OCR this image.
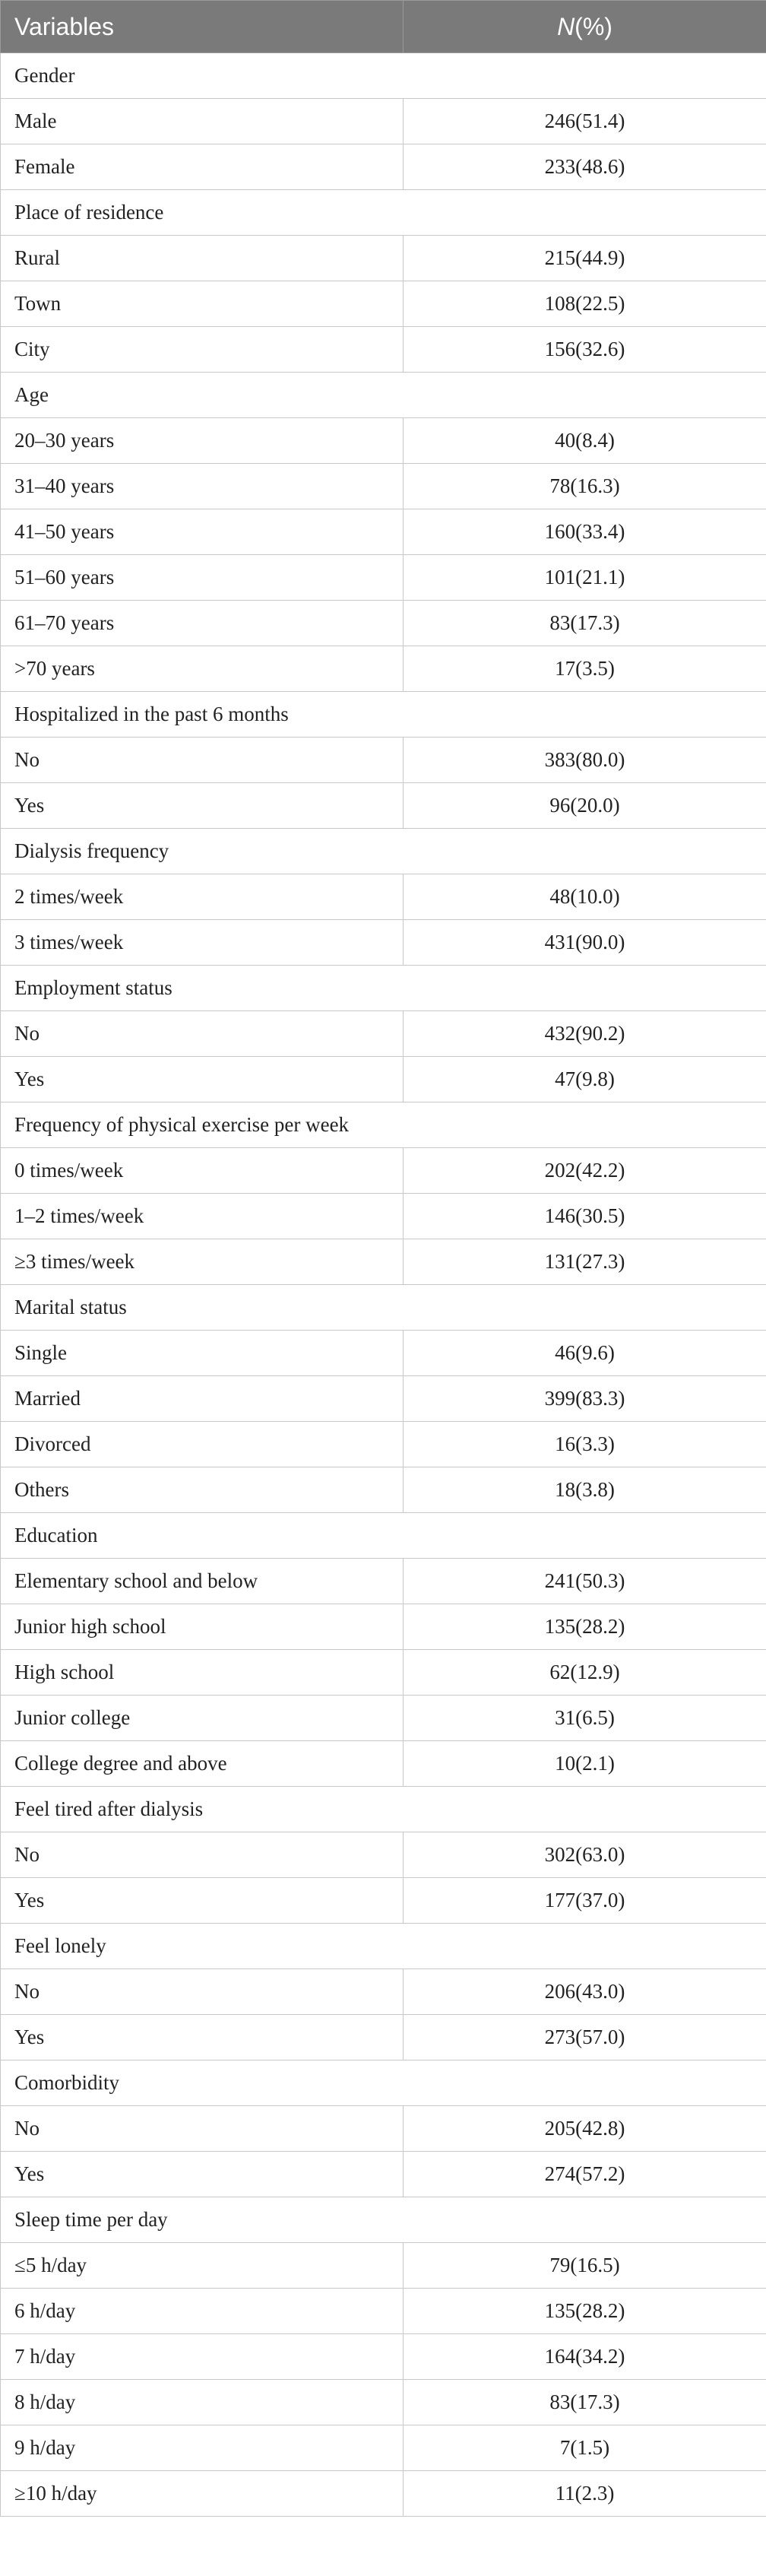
Variables	N(%)
Gender	
Male	246(51.4)
Female	233(48.6)
Place of residence	
Rural	215(44.9)
Town	108(22.5)
City	156(32.6)
Age	
20–30 years	40(8.4)
31–40 years	78(16.3)
41–50 years	160(33.4)
51–60 years	101(21.1)
61–70 years	83(17.3)
>70 years	17(3.5)
Hospitalized in the past 6 months	
No	383(80.0)
Yes	96(20.0)
Dialysis frequency	
2 times/week	48(10.0)
3 times/week	431(90.0)
Employment status	
No	432(90.2)
Yes	47(9.8)
Frequency of physical exercise per week	
0 times/week	202(42.2)
1–2 times/week	146(30.5)
≥3 times/week	131(27.3)
Marital status	
Single	46(9.6)
Married	399(83.3)
Divorced	16(3.3)
Others	18(3.8)
Education	
Elementary school and below	241(50.3)
Junior high school	135(28.2)
High school	62(12.9)
Junior college	31(6.5)
College degree and above	10(2.1)
Feel tired after dialysis	
No	302(63.0)
Yes	177(37.0)
Feel lonely	
No	206(43.0)
Yes	273(57.0)
Comorbidity	
No	205(42.8)
Yes	274(57.2)
Sleep time per day	
≤5 h/day	79(16.5)
6 h/day	135(28.2)
7 h/day	164(34.2)
8 h/day	83(17.3)
9 h/day	7(1.5)
≥10 h/day	11(2.3)
